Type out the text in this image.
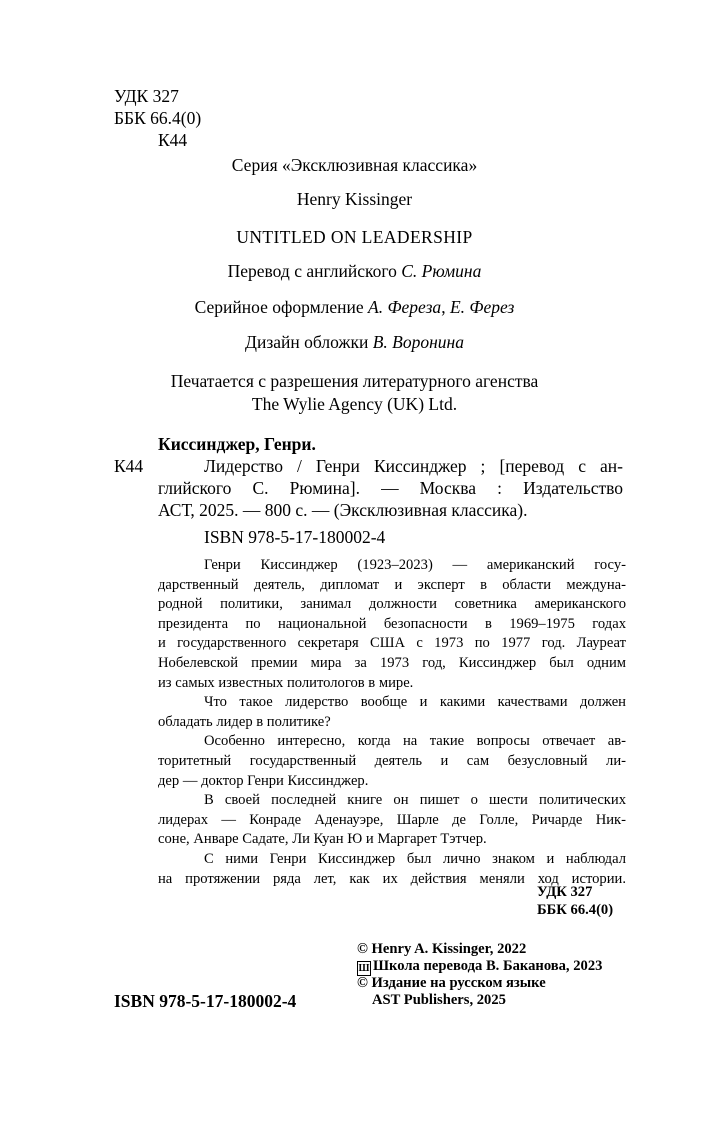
УДК 327
ББК 66.4(0)
К44
Серия «Эксклюзивная классика»
Henry Kissinger
UNTITLED ON LEADERSHIP
Перевод с английского С. Рюмина
Серийное оформление А. Фереза, Е. Ферез
Дизайн обложки В. Воронина
Печатается с разрешения литературного агенства
The Wylie Agency (UK) Ltd.
Киссинджер, Генри.
К44	Лидерство / Генри Киссинджер ; [перевод с ан-
глийского С. Рюмина]. — Москва : Издательство
АСТ, 2025. — 800 с. — (Эксклюзивная классика).
ISBN 978-5-17-180002-4
Генри Киссинджер (1923–2023) — американский госу-
дарственный деятель, дипломат и эксперт в области междуна-
родной политики, занимал должности советника американского
президента по национальной безопасности в 1969–1975 годах
и государственного секретаря США с 1973 по 1977 год. Лауреат
Нобелевской премии мира за 1973 год, Киссинджер был одним
из самых известных политологов в мире.
Что такое лидерство вообще и какими качествами должен
обладать лидер в политике?
Особенно интересно, когда на такие вопросы отвечает ав-
торитетный государственный деятель и сам безусловный ли-
дер — доктор Генри Киссинджер.
В своей последней книге он пишет о шести политических
лидерах — Конраде Аденауэре, Шарле де Голле, Ричарде Ник-
соне, Анваре Садате, Ли Куан Ю и Маргарет Тэтчер.
С ними Генри Киссинджер был лично знаком и наблюдал
на протяжении ряда лет, как их действия меняли ход истории.
УДК 327
ББК 66.4(0)
ISBN 978-5-17-180002-4
© Henry A. Kissinger, 2022
Ш Школа перевода В. Баканова, 2023
© Издание на русском языке
AST Publishers, 2025
